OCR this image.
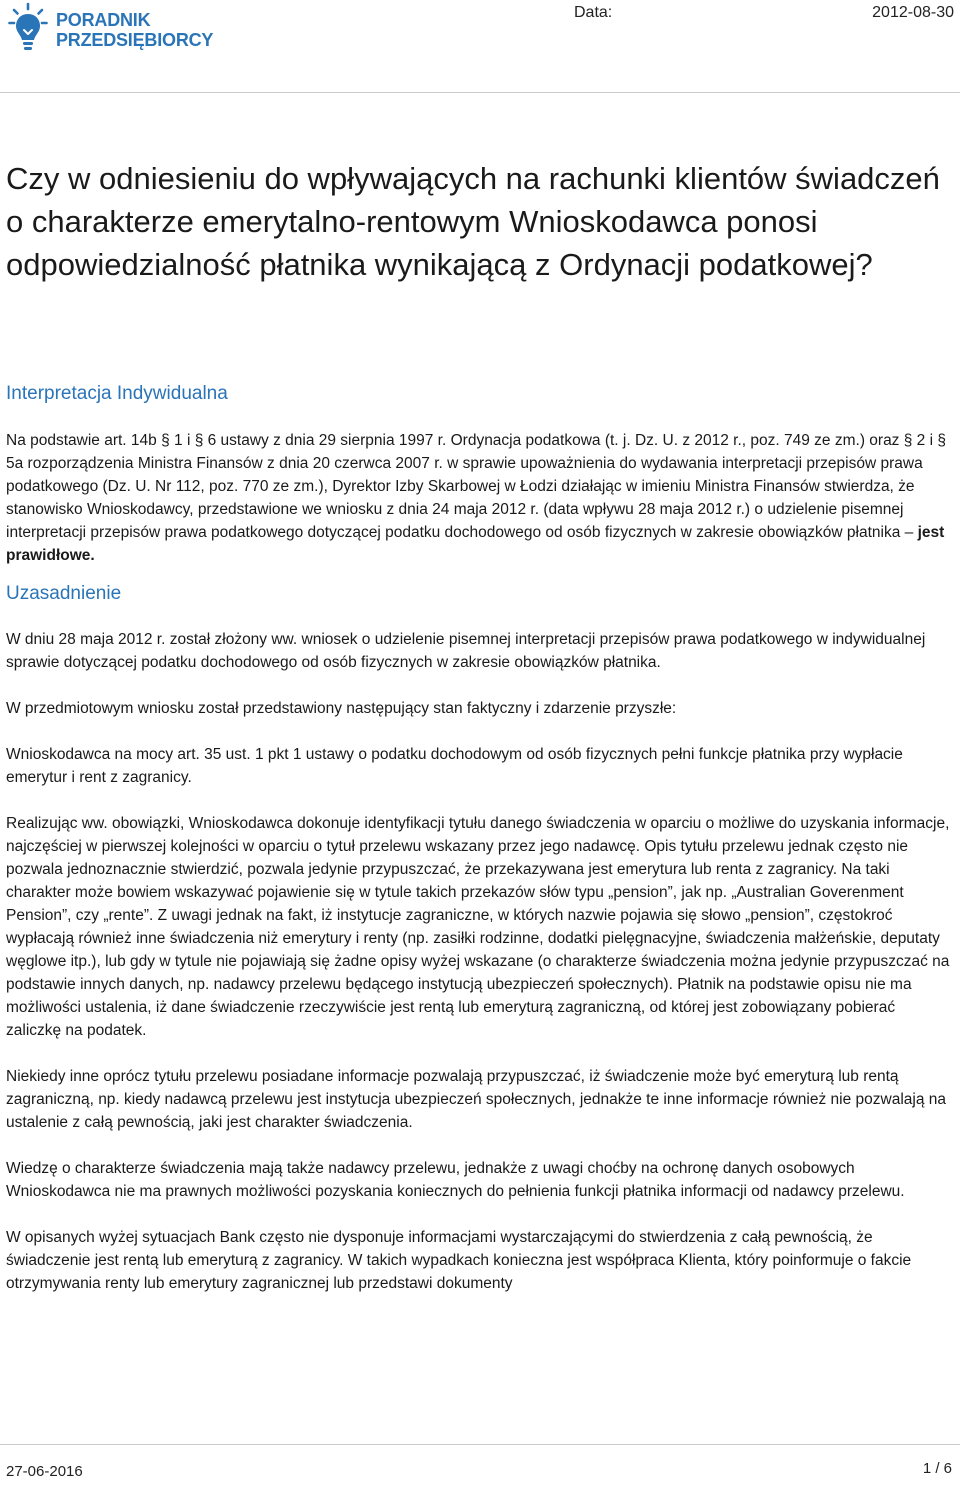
PORADNIK
PRZEDSIĘBIORCY
Data:	2012-08-30
Czy w odniesieniu do wpływających na rachunki klientów świadczeń o charakterze emerytalno-rentowym Wnioskodawca ponosi odpowiedzialność płatnika wynikającą z Ordynacji podatkowej?
Interpretacja Indywidualna

Na podstawie art. 14b § 1 i § 6 ustawy z dnia 29 sierpnia 1997 r. Ordynacja podatkowa (t. j. Dz. U. z 2012 r., poz. 749 ze zm.) oraz § 2 i § 5a rozporządzenia Ministra Finansów z dnia 20 czerwca 2007 r. w sprawie upoważnienia do wydawania interpretacji przepisów prawa podatkowego (Dz. U. Nr 112, poz. 770 ze zm.), Dyrektor Izby Skarbowej w Łodzi działając w imieniu Ministra Finansów stwierdza, że stanowisko Wnioskodawcy, przedstawione we wniosku z dnia 24 maja 2012 r. (data wpływu 28 maja 2012 r.) o udzielenie pisemnej interpretacji przepisów prawa podatkowego dotyczącej podatku dochodowego od osób fizycznych w zakresie obowiązków płatnika – jest prawidłowe.

Uzasadnienie

W dniu 28 maja 2012 r. został złożony ww. wniosek o udzielenie pisemnej interpretacji przepisów prawa podatkowego w indywidualnej sprawie dotyczącej podatku dochodowego od osób fizycznych w zakresie obowiązków płatnika.

W przedmiotowym wniosku został przedstawiony następujący stan faktyczny i zdarzenie przyszłe:

Wnioskodawca na mocy art. 35 ust. 1 pkt 1 ustawy o podatku dochodowym od osób fizycznych pełni funkcje płatnika przy wypłacie emerytur i rent z zagranicy.

Realizując ww. obowiązki, Wnioskodawca dokonuje identyfikacji tytułu danego świadczenia w oparciu o możliwe do uzyskania informacje, najczęściej w pierwszej kolejności w oparciu o tytuł przelewu wskazany przez jego nadawcę. Opis tytułu przelewu jednak często nie pozwala jednoznacznie stwierdzić, pozwala jedynie przypuszczać, że przekazywana jest emerytura lub renta z zagranicy. Na taki charakter może bowiem wskazywać pojawienie się w tytule takich przekazów słów typu „pension”, jak np. „Australian Goverenment Pension”, czy „rente”. Z uwagi jednak na fakt, iż instytucje zagraniczne, w których nazwie pojawia się słowo „pension”, częstokroć wypłacają również inne świadczenia niż emerytury i renty (np. zasiłki rodzinne, dodatki pielęgnacyjne, świadczenia małżeńskie, deputaty węglowe itp.), lub gdy w tytule nie pojawiają się żadne opisy wyżej wskazane (o charakterze świadczenia można jedynie przypuszczać na podstawie innych danych, np. nadawcy przelewu będącego instytucją ubezpieczeń społecznych). Płatnik na podstawie opisu nie ma możliwości ustalenia, iż dane świadczenie rzeczywiście jest rentą lub emeryturą zagraniczną, od której jest zobowiązany pobierać zaliczkę na podatek.

Niekiedy inne oprócz tytułu przelewu posiadane informacje pozwalają przypuszczać, iż świadczenie może być emeryturą lub rentą zagraniczną, np. kiedy nadawcą przelewu jest instytucja ubezpieczeń społecznych, jednakże te inne informacje również nie pozwalają na ustalenie z całą pewnością, jaki jest charakter świadczenia.

Wiedzę o charakterze świadczenia mają także nadawcy przelewu, jednakże z uwagi choćby na ochronę danych osobowych Wnioskodawca nie ma prawnych możliwości pozyskania koniecznych do pełnienia funkcji płatnika informacji od nadawcy przelewu.

W opisanych wyżej sytuacjach Bank często nie dysponuje informacjami wystarczającymi do stwierdzenia z całą pewnością, że świadczenie jest rentą lub emeryturą z zagranicy. W takich wypadkach konieczna jest współpraca Klienta, który poinformuje o fakcie otrzymywania renty lub emerytury zagranicznej lub przedstawi dokumenty

27-06-2016	1 / 6
